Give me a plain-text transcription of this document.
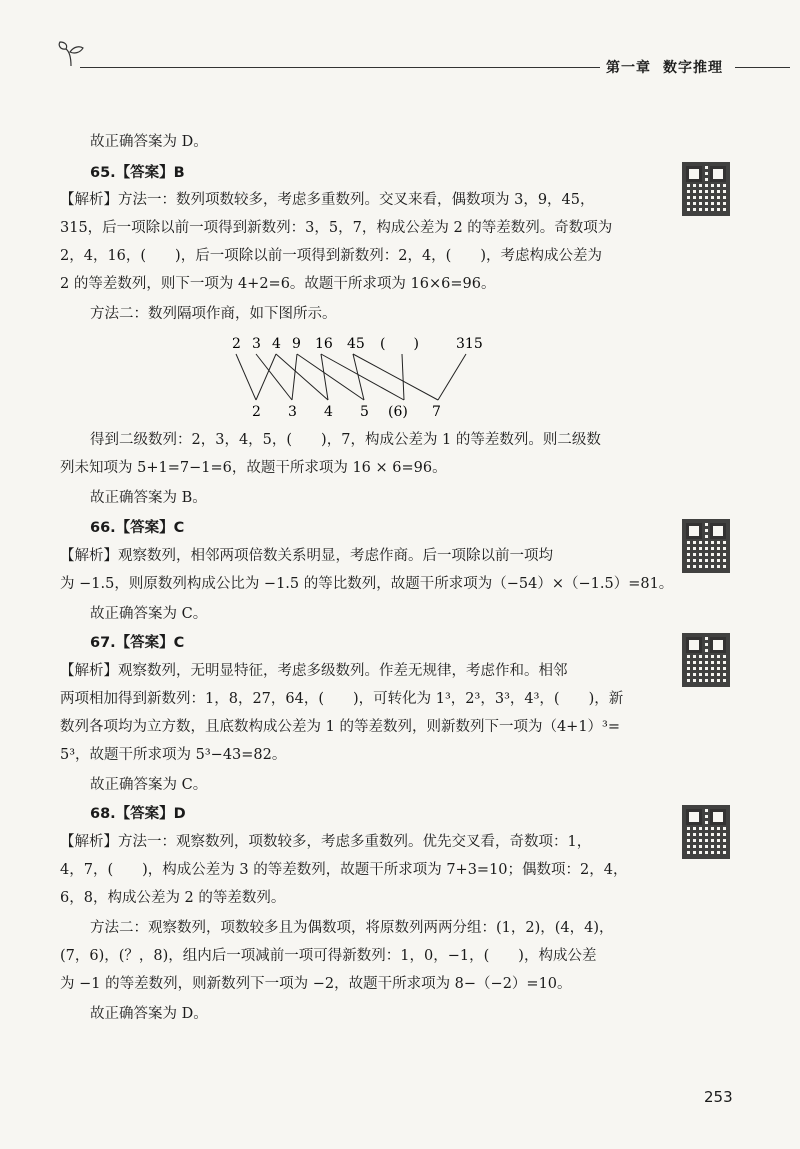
第一章 数字推理
故正确答案为 D。
65.【答案】B
【解析】方法一：数列项数较多，考虑多重数列。交叉来看，偶数项为 3，9，45，
315，后一项除以前一项得到新数列：3，5，7，构成公差为 2 的等差数列。奇数项为
2，4，16，(　　)，后一项除以前一项得到新数列：2，4，(　　)，考虑构成公差为
2 的等差数列，则下一项为 4+2=6。故题干所求项为 16×6=96。
方法二：数列隔项作商，如下图所示。
2 3 4 9 16 45 (　　)	315
2 3 4 5 (6) 7
得到二级数列：2，3，4，5，(　　)，7，构成公差为 1 的等差数列。则二级数
列未知项为 5+1=7−1=6，故题干所求项为 16 × 6=96。
故正确答案为 B。
66.【答案】C
【解析】观察数列，相邻两项倍数关系明显，考虑作商。后一项除以前一项均
为 −1.5，则原数列构成公比为 −1.5 的等比数列，故题干所求项为（−54）×（−1.5）=81。
故正确答案为 C。
67.【答案】C
【解析】观察数列，无明显特征，考虑多级数列。作差无规律，考虑作和。相邻
两项相加得到新数列：1，8，27，64，(　　)，可转化为 1³，2³，3³，4³，(　　)，新
数列各项均为立方数，且底数构成公差为 1 的等差数列，则新数列下一项为（4+1）³=
5³，故题干所求项为 5³−43=82。
故正确答案为 C。
68.【答案】D
【解析】方法一：观察数列，项数较多，考虑多重数列。优先交叉看，奇数项：1，
4，7，(　　)，构成公差为 3 的等差数列，故题干所求项为 7+3=10；偶数项：2，4，
6，8，构成公差为 2 的等差数列。
方法二：观察数列，项数较多且为偶数项，将原数列两两分组：(1，2)，(4，4)，
(7，6)，(？，8)，组内后一项减前一项可得新数列：1，0，−1，(　　)，构成公差
为 −1 的等差数列，则新数列下一项为 −2，故题干所求项为 8−（−2）=10。
故正确答案为 D。
253
